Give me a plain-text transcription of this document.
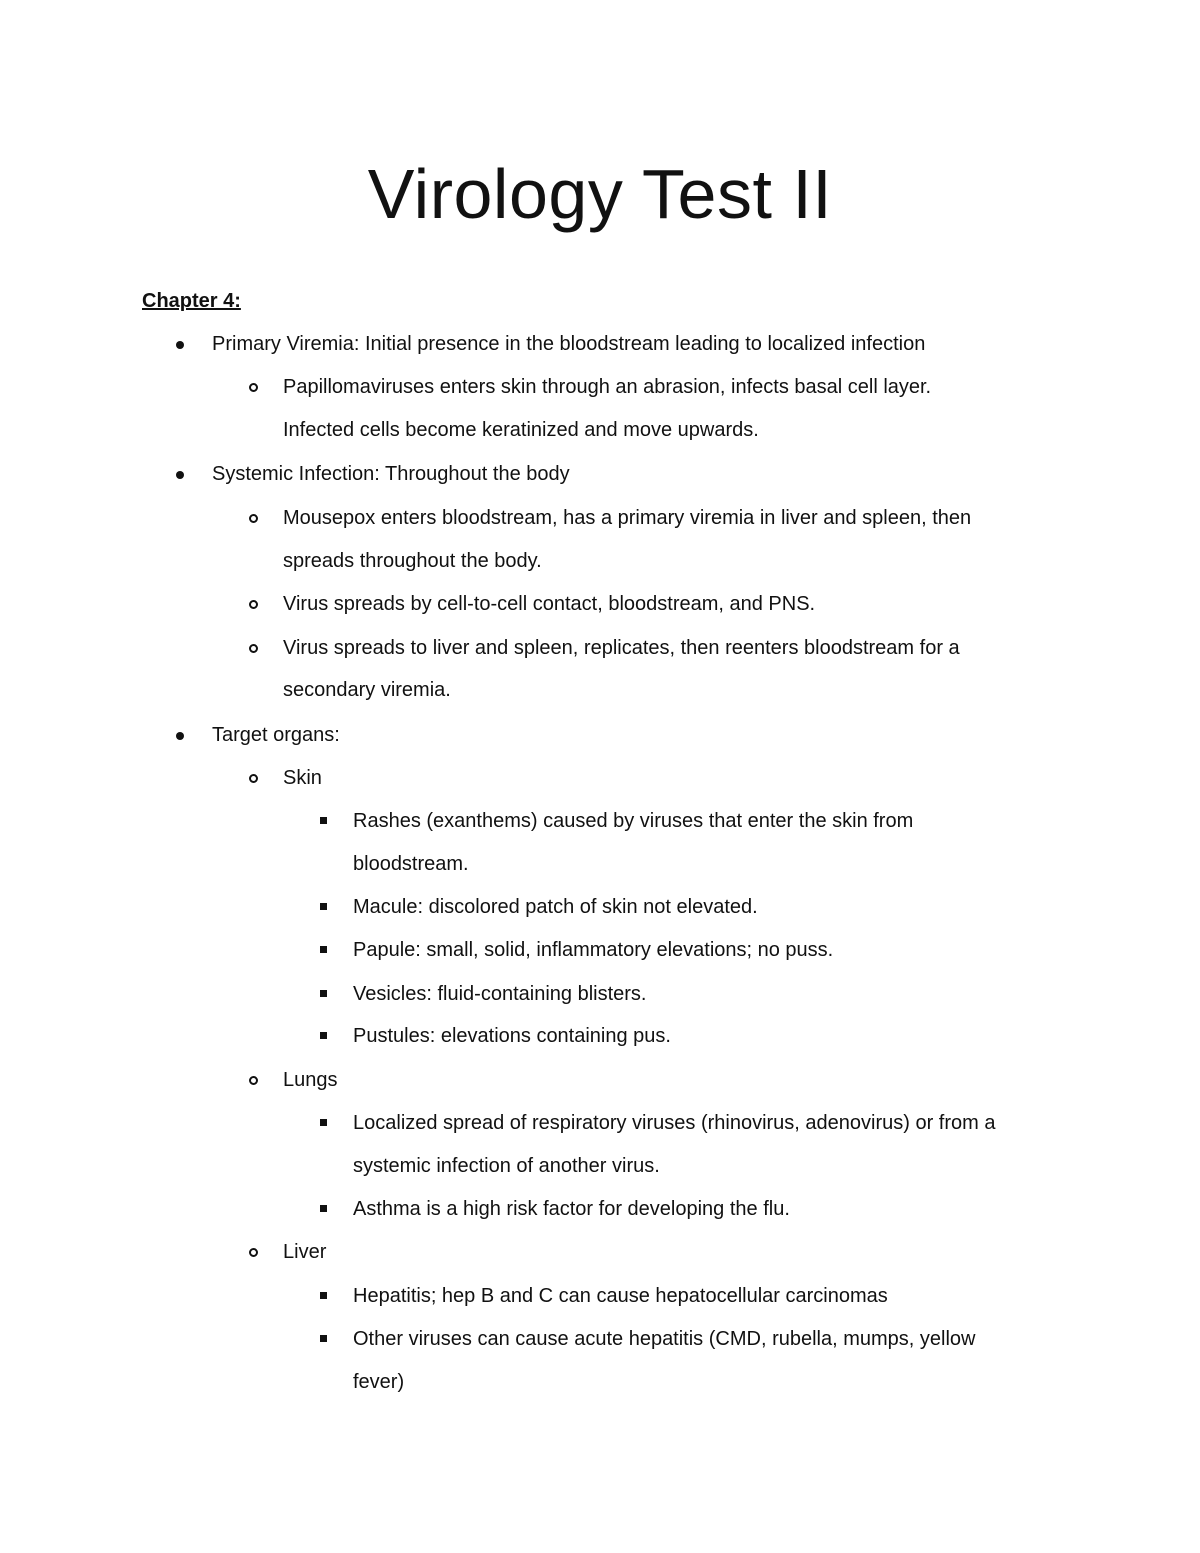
Virology Test II
Chapter 4:
Primary Viremia: Initial presence in the bloodstream leading to localized infection
Papillomaviruses enters skin through an abrasion, infects basal cell layer.
Infected cells become keratinized and move upwards.
Systemic Infection: Throughout the body
Mousepox enters bloodstream, has a primary viremia in liver and spleen, then
spreads throughout the body.
Virus spreads by cell-to-cell contact, bloodstream, and PNS.
Virus spreads to liver and spleen, replicates, then reenters bloodstream for a
secondary viremia.
Target organs:
Skin
Rashes (exanthems) caused by viruses that enter the skin from
bloodstream.
Macule: discolored patch of skin not elevated.
Papule: small, solid, inflammatory elevations; no puss.
Vesicles: fluid-containing blisters.
Pustules: elevations containing pus.
Lungs
Localized spread of respiratory viruses (rhinovirus, adenovirus) or from a
systemic infection of another virus.
Asthma is a high risk factor for developing the flu.
Liver
Hepatitis; hep B and C can cause hepatocellular carcinomas
Other viruses can cause acute hepatitis (CMD, rubella, mumps, yellow
fever)
